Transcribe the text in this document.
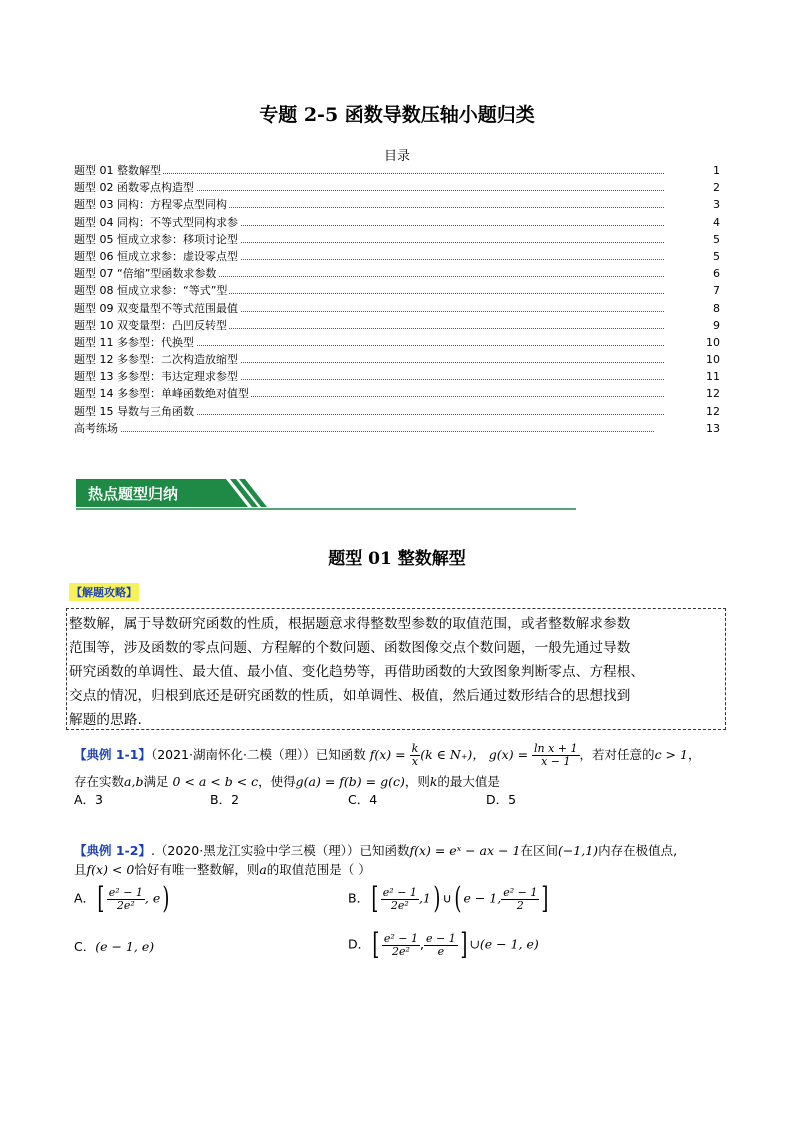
专题 2-5 函数导数压轴小题归类
目录
题型 01 整数解型	1
题型 02 函数零点构造型	2
题型 03 同构：方程零点型同构	3
题型 04 同构：不等式型同构求参	4
题型 05 恒成立求参：移项讨论型	5
题型 06 恒成立求参：虚设零点型	5
题型 07 “倍缩”型函数求参数	6
题型 08 恒成立求参：“等式”型	7
题型 09 双变量型不等式范围最值	8
题型 10 双变量型：凸凹反转型	9
题型 11 多参型：代换型	10
题型 12 多参型：二次构造放缩型	10
题型 13 多参型：韦达定理求参型	11
题型 14 多参型：单峰函数绝对值型	12
题型 15 导数与三角函数	12
高考练场	13
热点题型归纳
题型 01 整数解型
【解题攻略】
整数解，属于导数研究函数的性质，根据题意求得整数型参数的取值范围，或者整数解求参数
范围等，涉及函数的零点问题、方程解的个数问题、函数图像交点个数问题，一般先通过导数
研究函数的单调性、最大值、最小值、变化趋势等，再借助函数的大致图象判断零点、方程根、
交点的情况，归根到底还是研究函数的性质，如单调性、极值，然后通过数形结合的思想找到
解题的思路.
【典例 1-1】（2021·湖南怀化·二模（理））已知函数 $f(x) = \frac{k}{x} (k$ ∈ N₊)， $g(x) = \frac{\text{ln x + 1}}{x - 1}$ ，若对任意的c > 1，
存在实数a,b满足 0 < a < b < c，使得g(a) = f(b) = g(c)，则k的最大值是
A．3	B．2	C．4	D．5
【典例 1-2】.（2020·黑龙江实验中学三模（理））已知函数f(x) = eˣ − ax − 1在区间(−1,1)内存在极值点,
且f(x) < 0恰好有唯一整数解，则a的取值范围是（ ）
A．[ $\frac{\text{e² − 1}}{\text{2e²}}$ , e)	B．[ $\frac{\text{e² − 1}}{\text{2e²}} ,1$) ∪( e − 1, $\frac{\text{e² − 1}}{2}$ ]
C．(e − 1, e)	D．[ $\frac{\text{e² − 1}}{\text{2e²}}$ , $\frac{e - 1}{e}$ ] ∪(e − 1, e)
